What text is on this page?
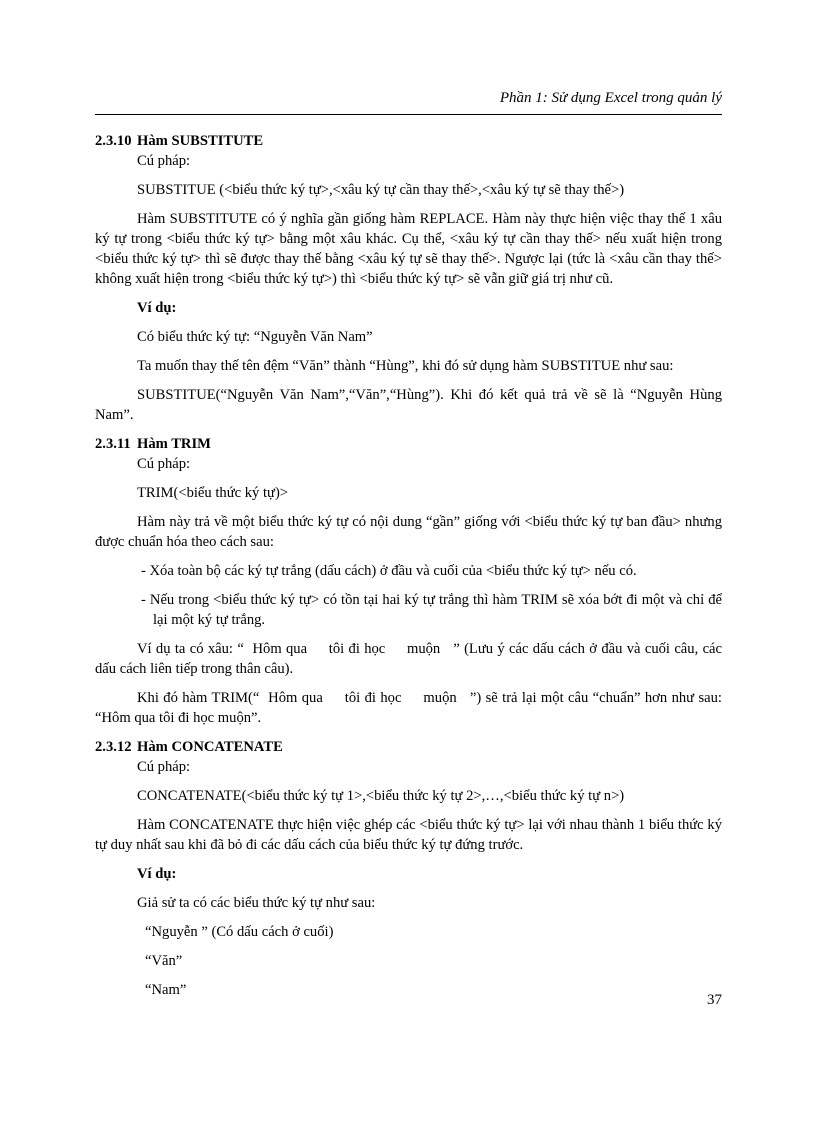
Phần 1: Sử dụng Excel trong quản lý

2.3.10 Hàm SUBSTITUTE

Cú pháp:

SUBSTITUE (<biểu thức ký tự>,<xâu ký tự cần thay thế>,<xâu ký tự sẽ thay thế>)

Hàm SUBSTITUTE có ý nghĩa gần giống hàm REPLACE. Hàm này thực hiện việc thay thế 1 xâu ký tự trong <biểu thức ký tự> bằng một xâu khác. Cụ thể, <xâu ký tự cần thay thế> nếu xuất hiện trong <biểu thức ký tự> thì sẽ được thay thế bằng <xâu ký tự sẽ thay thế>. Ngược lại (tức là <xâu cần thay thế> không xuất hiện trong <biểu thức ký tự>) thì <biểu thức ký tự> sẽ vẫn giữ giá trị như cũ.

Ví dụ:

Có biểu thức ký tự: “Nguyễn Văn Nam”

Ta muốn thay thế tên đệm “Văn” thành “Hùng”, khi đó sử dụng hàm SUBSTITUE như sau:

SUBSTITUE(“Nguyễn Văn Nam”,“Văn”,“Hùng”). Khi đó kết quả trả về sẽ là “Nguyễn Hùng Nam”.

2.3.11 Hàm TRIM

Cú pháp:

TRIM(<biểu thức ký tự)>

Hàm này trả về một biểu thức ký tự có nội dung “gần” giống với <biểu thức ký tự ban đầu> nhưng được chuẩn hóa theo cách sau:

- Xóa toàn bộ các ký tự trắng (dấu cách) ở đầu và cuối của <biểu thức ký tự> nếu có.

- Nếu trong <biểu thức ký tự> có tồn tại hai ký tự trắng thì hàm TRIM sẽ xóa bớt đi một và chỉ để lại một ký tự trắng.

Ví dụ ta có xâu: “  Hôm qua     tôi đi học     muộn   ” (Lưu ý các dấu cách ở đầu và cuối câu, các dấu cách liên tiếp trong thân câu).

Khi đó hàm TRIM(“  Hôm qua     tôi đi học     muộn   ”) sẽ trả lại một câu “chuẩn” hơn như sau: “Hôm qua tôi đi học muộn”.

2.3.12 Hàm CONCATENATE

Cú pháp:

CONCATENATE(<biểu thức ký tự 1>,<biểu thức ký tự 2>,…,<biểu thức ký tự n>)

Hàm CONCATENATE thực hiện việc ghép các <biểu thức ký tự> lại với nhau thành 1 biểu thức ký tự duy nhất sau khi đã bỏ đi các dấu cách của biểu thức ký tự đứng trước.

Ví dụ:

Giả sử ta có các biểu thức ký tự như sau:

“Nguyễn ” (Có dấu cách ở cuối)

“Văn”

“Nam”

37
